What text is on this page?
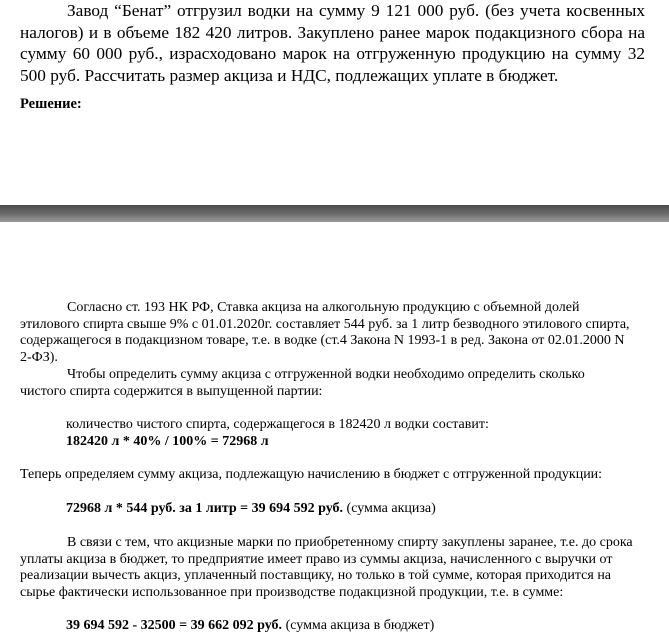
Завод “Бенат” отгрузил водки на сумму 9 121 000 руб. (без учета косвенных налогов) и в объеме 182 420 литров. Закуплено ранее марок подакцизного сбора на сумму 60 000 руб., израсходовано марок на отгруженную продукцию на сумму 32 500 руб. Рассчитать размер акциза и НДС, подлежащих уплате в бюджет.

Решение:

Согласно ст. 193 НК РФ, Ставка акциза на алкогольную продукцию с объемной долей этилового спирта свыше 9% с 01.01.2020г. составляет 544 руб. за 1 литр безводного этилового спирта, содержащегося в подакцизном товаре, т.е. в водке (ст.4 Закона N 1993-1 в ред. Закона от 02.01.2000 N 2-ФЗ).

Чтобы определить сумму акциза с отгруженной водки необходимо определить сколько чистого спирта содержится в выпущенной партии:

количество чистого спирта, содержащегося в 182420 л водки составит:

182420 л * 40% / 100% = 72968 л

Теперь определяем сумму акциза, подлежащую начислению в бюджет с отгруженной продукции:

72968 л * 544 руб. за 1 литр = 39 694 592 руб. (сумма акциза)

В связи с тем, что акцизные марки по приобретенному спирту закуплены заранее, т.е. до срока уплаты акциза в бюджет, то предприятие имеет право из суммы акциза, начисленного с выручки от реализации вычесть акциз, уплаченный поставщику, но только в той сумме, которая приходится на сырье фактически использованное при производстве подакцизной продукции, т.е. в сумме:

39 694 592 - 32500 = 39 662 092 руб. (сумма акциза в бюджет)
